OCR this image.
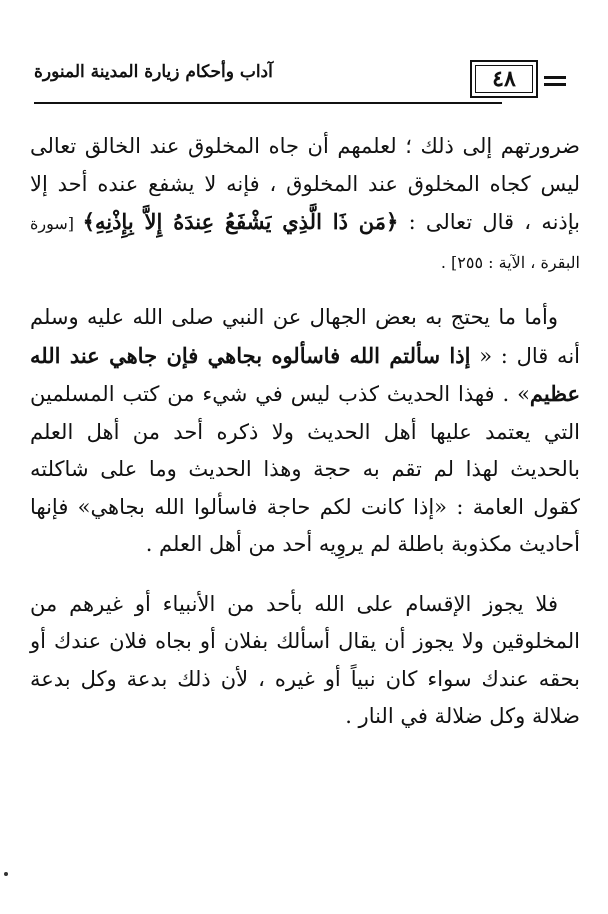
آداب وأحكام زيارة المدينة المنورة	٤٨

ضرورتهم إلى ذلك ؛ لعلمهم أن جاه المخلوق عند الخالق تعالى ليس كجاه المخلوق عند المخلوق ، فإنه لا يشفع عنده أحد إلا بإذنه ، قال تعالى : ﴿مَن ذَا الَّذِي يَشْفَعُ عِندَهُ إِلاَّ بِإِذْنِهِ﴾ [سورة البقرة ، الآية : ٢٥٥] .

وأما ما يحتج به بعض الجهال عن النبي صلى الله عليه وسلم أنه قال : « إذا سألتم الله فاسألوه بجاهي فإن جاهي عند الله عظيم» . فهذا الحديث كذب ليس في شيء من كتب المسلمين التي يعتمد عليها أهل الحديث ولا ذكره أحد من أهل العلم بالحديث لهذا لم تقم به حجة وهذا الحديث وما على شاكلته كقول العامة : «إذا كانت لكم حاجة فاسألوا الله بجاهي» فإنها أحاديث مكذوبة باطلة لم يروِيه أحد من أهل العلم .

فلا يجوز الإقسام على الله بأحد من الأنبياء أو غيرهم من المخلوقين ولا يجوز أن يقال أسألك بفلان أو بجاه فلان عندك أو بحقه عندك سواء كان نبياً أو غيره ، لأن ذلك بدعة وكل بدعة ضلالة وكل ضلالة في النار .
